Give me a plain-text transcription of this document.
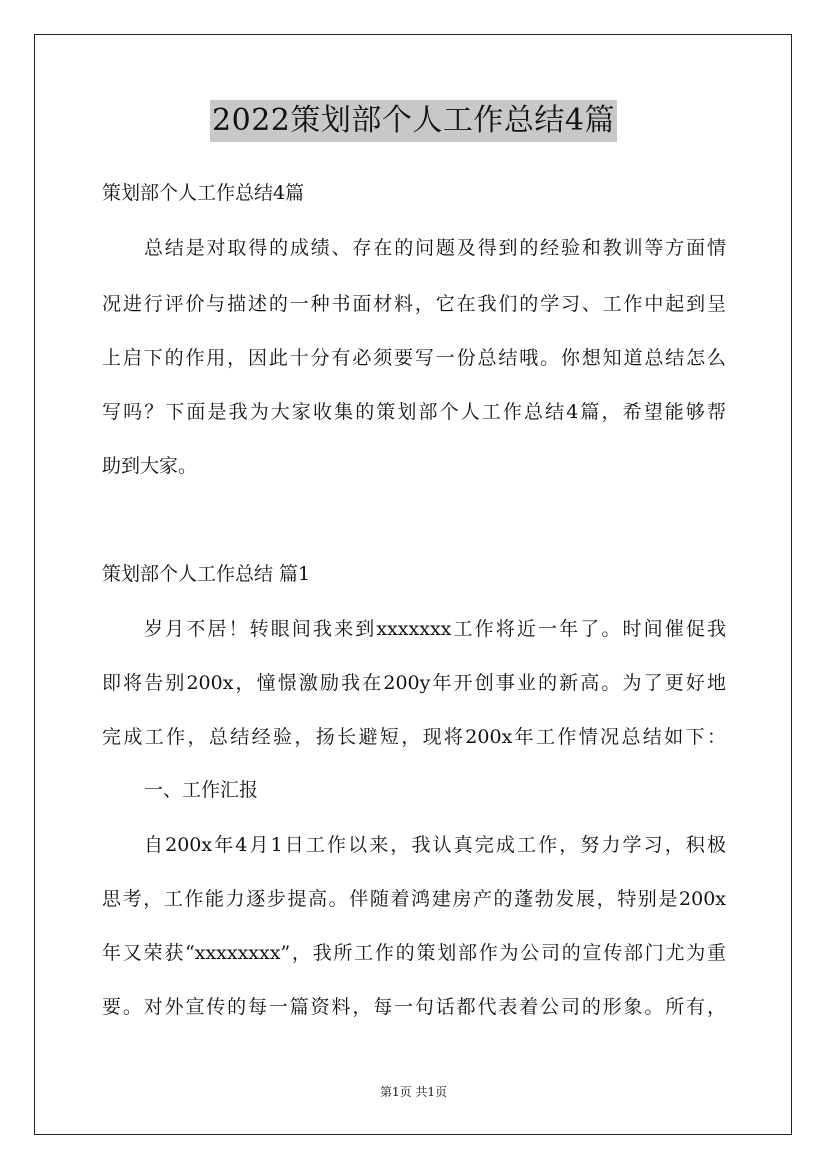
2022策划部个人工作总结4篇
策划部个人工作总结4篇
总结是对取得的成绩、存在的问题及得到的经验和教训等方面情
况进行评价与描述的一种书面材料，它在我们的学习、工作中起到呈
上启下的作用，因此十分有必须要写一份总结哦。你想知道总结怎么
写吗？下面是我为大家收集的策划部个人工作总结4篇，希望能够帮
助到大家。
策划部个人工作总结 篇1
岁月不居！转眼间我来到xxxxxxx工作将近一年了。时间催促我
即将告别200x，憧憬激励我在200y年开创事业的新高。为了更好地
完成工作，总结经验，扬长避短，现将200x年工作情况总结如下：
一、工作汇报
自200x年4月1日工作以来，我认真完成工作，努力学习，积极
思考，工作能力逐步提高。伴随着鸿建房产的蓬勃发展，特别是200x
年又荣获“xxxxxxxx”，我所工作的策划部作为公司的宣传部门尤为重
要。对外宣传的每一篇资料，每一句话都代表着公司的形象。所有，
第1页 共1页
